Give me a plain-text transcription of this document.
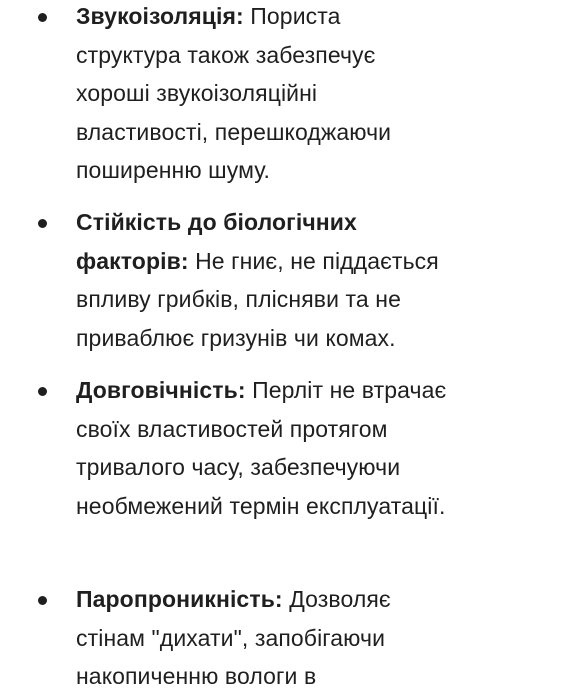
Звукоізоляція: Пориста структура також забезпечує хороші звукоізоляційні властивості, перешкоджаючи поширенню шуму.
Стійкість до біологічних факторів: Не гниє, не піддається впливу грибків, плісняви та не приваблює гризунів чи комах.
Довговічність: Перліт не втрачає своїх властивостей протягом тривалого часу, забезпечуючи необмежений термін експлуатації.
Паропроникність: Дозволяє стінам "дихати", запобігаючи накопиченню вологи в
